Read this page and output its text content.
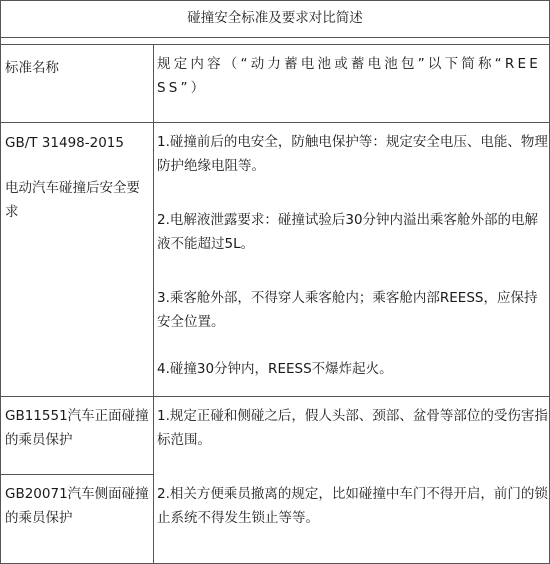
碰撞安全标准及要求对比简述

标准名称	规定内容（“动力蓄电池或蓄电池包”以下简称“REESS”）

GB/T 31498-2015

电动汽车碰撞后安全要求

1.碰撞前后的电安全，防触电保护等：规定安全电压、电能、物理防护绝缘电阻等。

2.电解液泄露要求：碰撞试验后30分钟内溢出乘客舱外部的电解液不能超过5L。

3.乘客舱外部，不得穿人乘客舱内；乘客舱内部REESS，应保持安全位置。

4.碰撞30分钟内，REESS不爆炸起火。

GB11551汽车正面碰撞的乘员保护

1.规定正碰和侧碰之后，假人头部、颈部、盆骨等部位的受伤害指标范围。

GB20071汽车侧面碰撞的乘员保护

2.相关方便乘员撤离的规定，比如碰撞中车门不得开启，前门的锁止系统不得发生锁止等等。
